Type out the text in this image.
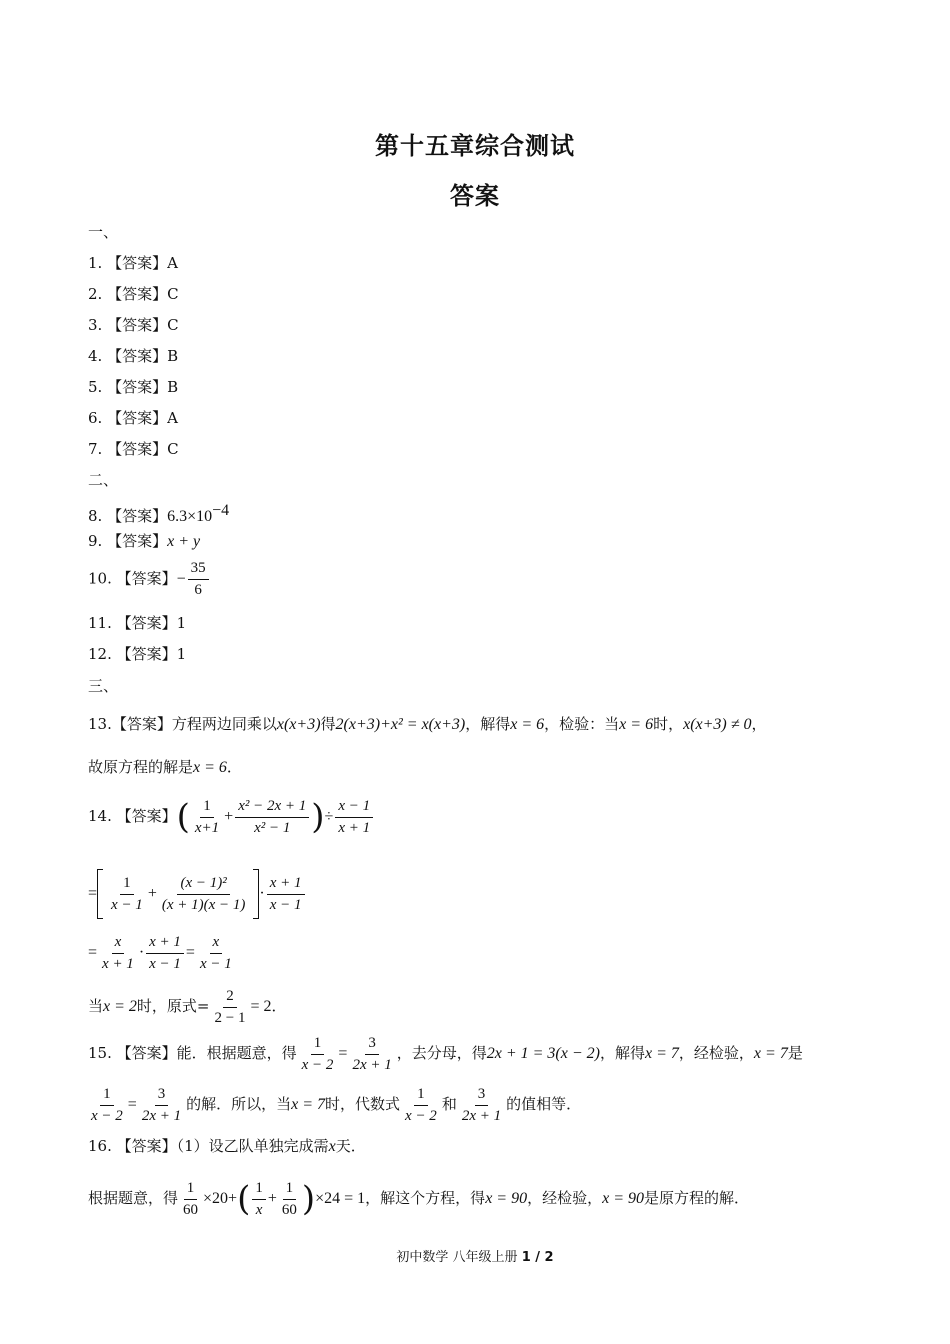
第十五章综合测试
答案
一、
1. 【答案】A
2. 【答案】C
3. 【答案】C
4. 【答案】B
5. 【答案】B
6. 【答案】A
7. 【答案】C
二、
8. 【答案】$6.3\times 10^{-4}$
9. 【答案】x + y
10. 【答案】− $\frac{35}{6}$
11. 【答案】1
12. 【答案】1
三、
13.【答案】方程两边同乘以x(x+3)得2(x+3)+x² = x(x+3)，解得x = 6，检验：当x = 6时，x(x+3) ≠ 0，
故原方程的解是x = 6．
14. 【答案】( $\frac{1}{x+1} + \frac{\text{x² − 2x + 1}}{\text{x² − 1}}$ )÷ $\frac{x - 1}{x + 1}$
= $\frac{1}{x - 1} + \frac{\text{(x − 1)²}}{(x + 1)(x - 1)} \cdot \frac{x + 1}{x - 1}$
= $\frac{x}{x + 1} \cdot \frac{x + 1}{x - 1} = \frac{x}{x - 1}$
当x = 2时，原式= $\frac{2}{2 - 1} = 2$．
15. 【答案】能．根据题意，得 $\frac{1}{x - 2} = \frac{3}{2x + 1}$ ，去分母，得2x + 1 = 3(x − 2)，解得x = 7，经检验，x = 7是
$\frac{1}{x - 2} = \frac{3}{2x + 1}$ 的解．所以，当x = 7时，代数式 $\frac{1}{x - 2}$ 和 $\frac{3}{2x + 1}$ 的值相等．
16. 【答案】（1）设乙队单独完成需x天．
根据题意，得 $\frac{1}{60} \times 20+( \frac{1}{x} + \frac{1}{60} )\times 24 = 1$，解这个方程，得x = 90，经检验，x = 90是原方程的解．
初中数学 八年级上册 1 / 2
